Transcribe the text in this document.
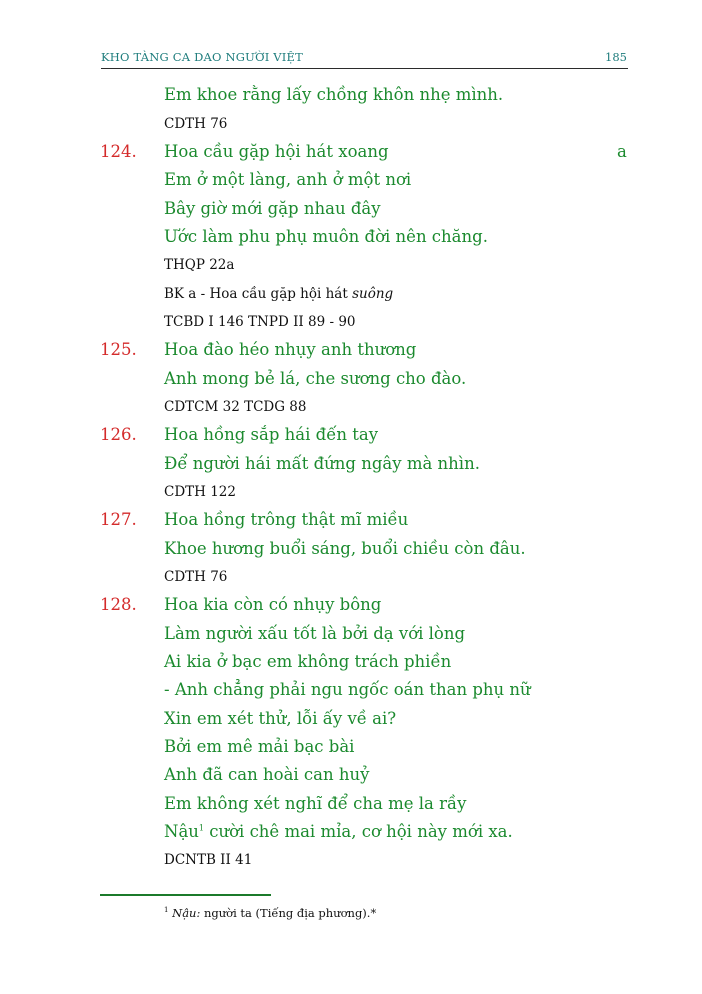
KHO TÀNG CA DAO NGƯỜI VIỆT	185
Em khoe rằng lấy chồng khôn nhẹ mình.
CDTH 76
124. Hoa cầu gặp hội hát xoang	a
Em ở một làng, anh ở một nơi
Bây giờ mới gặp nhau đây
Ước làm phu phụ muôn đời nên chăng.
THQP 22a
BK a - Hoa cầu gặp hội hát suông
TCBD I 146 TNPD II 89 - 90
125. Hoa đào héo nhụy anh thương
Anh mong bẻ lá, che sương cho đào.
CDTCM 32 TCDG 88
126. Hoa hồng sắp hái đến tay
Để người hái mất đứng ngây mà nhìn.
CDTH 122
127. Hoa hồng trông thật mĩ miều
Khoe hương buổi sáng, buổi chiều còn đâu.
CDTH 76
128. Hoa kia còn có nhụy bông
Làm người xấu tốt là bởi dạ với lòng
Ai kia ở bạc em không trách phiền
- Anh chẳng phải ngu ngốc oán than phụ nữ
Xin em xét thử, lỗi ấy về ai?
Bởi em mê mải bạc bài
Anh đã can hoài can huỷ
Em không xét nghĩ để cha mẹ la rầy
Nậu$^1$ cười chê mai mỉa, cơ hội này mới xa.
DCNTB II 41
$^1$ Nậu: người ta (Tiếng địa phương).*
